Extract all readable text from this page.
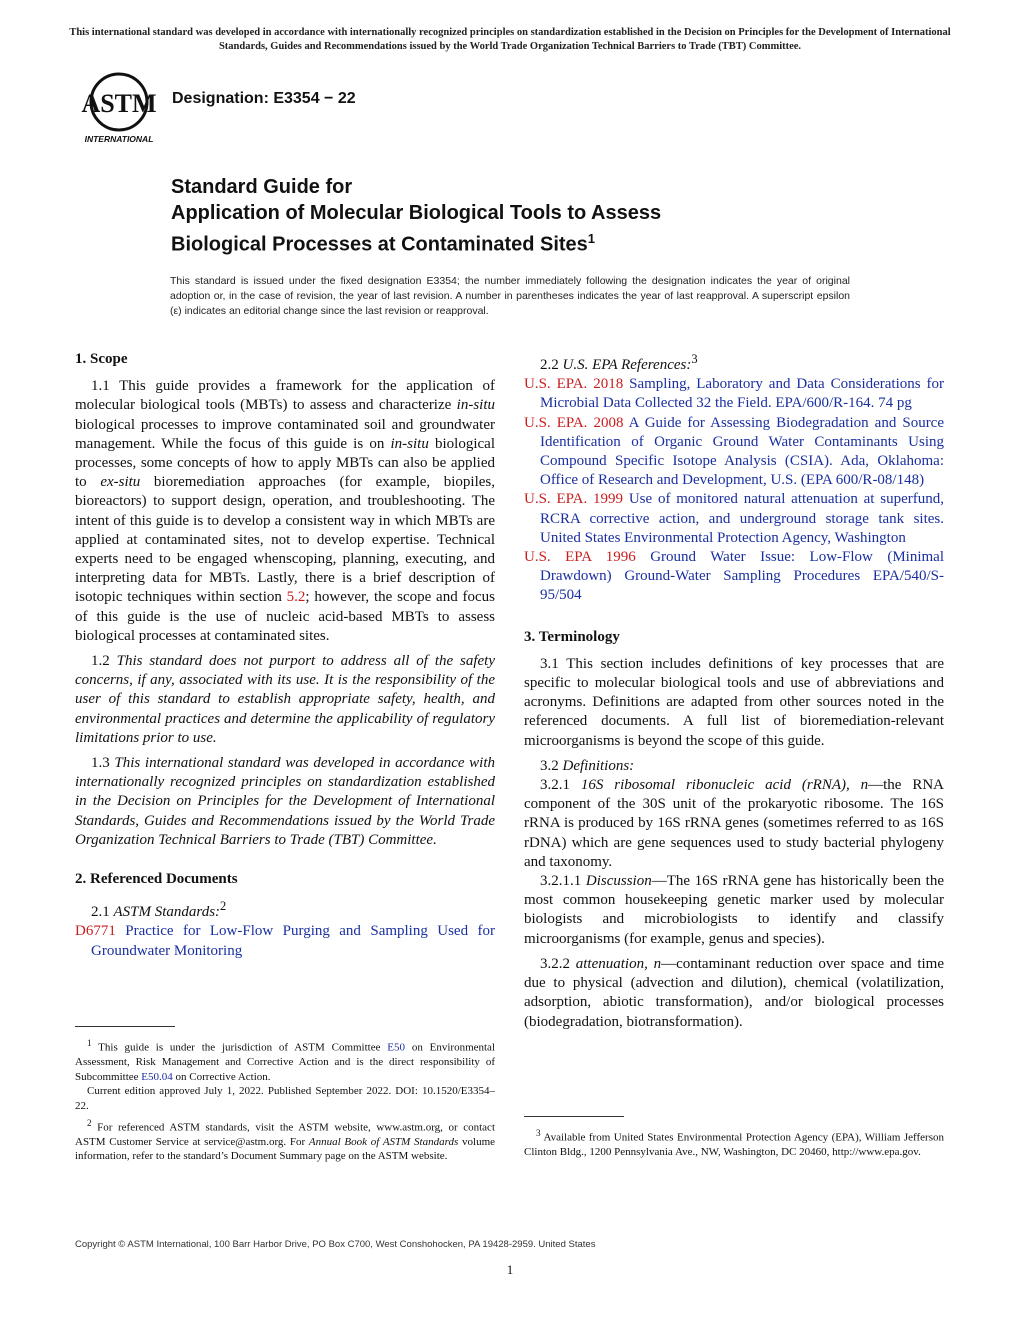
This international standard was developed in accordance with internationally recognized principles on standardization established in the Decision on Principles for the Development of International Standards, Guides and Recommendations issued by the World Trade Organization Technical Barriers to Trade (TBT) Committee.
ASTM
INTERNATIONAL
Designation: E3354 − 22
Standard Guide for
Application of Molecular Biological Tools to Assess
Biological Processes at Contaminated Sites$^1$
This standard is issued under the fixed designation E3354; the number immediately following the designation indicates the year of original adoption or, in the case of revision, the year of last revision. A number in parentheses indicates the year of last reapproval. A superscript epsilon (ε) indicates an editorial change since the last revision or reapproval.
1. Scope

1.1 This guide provides a framework for the application of molecular biological tools (MBTs) to assess and characterize in-situ biological processes to improve contaminated soil and groundwater management. While the focus of this guide is on in-situ biological processes, some concepts of how to apply MBTs can also be applied to ex-situ bioremediation approaches (for example, biopiles, bioreactors) to support design, operation, and troubleshooting. The intent of this guide is to develop a consistent way in which MBTs are applied at contaminated sites, not to develop expertise. Technical experts need to be engaged whenscoping, planning, executing, and interpreting data for MBTs. Lastly, there is a brief description of isotopic techniques within section 5.2; however, the scope and focus of this guide is the use of nucleic acid-based MBTs to assess biological processes at contaminated sites.

1.2 This standard does not purport to address all of the safety concerns, if any, associated with its use. It is the responsibility of the user of this standard to establish appropriate safety, health, and environmental practices and determine the applicability of regulatory limitations prior to use.

1.3 This international standard was developed in accordance with internationally recognized principles on standardization established in the Decision on Principles for the Development of International Standards, Guides and Recommendations issued by the World Trade Organization Technical Barriers to Trade (TBT) Committee.

2. Referenced Documents

2.1 ASTM Standards:$^2$

D6771 Practice for Low-Flow Purging and Sampling Used for Groundwater Monitoring

$^1$ This guide is under the jurisdiction of ASTM Committee E50 on Environmental Assessment, Risk Management and Corrective Action and is the direct responsibility of Subcommittee E50.04 on Corrective Action.
Current edition approved July 1, 2022. Published September 2022. DOI: 10.1520/E3354–22.
$^2$ For referenced ASTM standards, visit the ASTM website, www.astm.org, or contact ASTM Customer Service at service@astm.org. For Annual Book of ASTM Standards volume information, refer to the standard’s Document Summary page on the ASTM website.

2.2 U.S. EPA References:$^3$

U.S. EPA. 2018 Sampling, Laboratory and Data Considerations for Microbial Data Collected 32 the Field. EPA/600/R-164. 74 pg

U.S. EPA. 2008 A Guide for Assessing Biodegradation and Source Identification of Organic Ground Water Contaminants Using Compound Specific Isotope Analysis (CSIA). Ada, Oklahoma: Office of Research and Development, U.S. (EPA 600/R-08/148)

U.S. EPA. 1999 Use of monitored natural attenuation at superfund, RCRA corrective action, and underground storage tank sites. United States Environmental Protection Agency, Washington

U.S. EPA 1996 Ground Water Issue: Low-Flow (Minimal Drawdown) Ground-Water Sampling Procedures EPA/540/S-95/504

3. Terminology

3.1 This section includes definitions of key processes that are specific to molecular biological tools and use of abbreviations and acronyms. Definitions are adapted from other sources noted in the referenced documents. A full list of bioremediation-relevant microorganisms is beyond the scope of this guide.

3.2 Definitions:

3.2.1 16S ribosomal ribonucleic acid (rRNA), n—the RNA component of the 30S unit of the prokaryotic ribosome. The 16S rRNA is produced by 16S rRNA genes (sometimes referred to as 16S rDNA) which are gene sequences used to study bacterial phylogeny and taxonomy.

3.2.1.1 Discussion—The 16S rRNA gene has historically been the most common housekeeping genetic marker used by molecular biologists and microbiologists to identify and classify microorganisms (for example, genus and species).

3.2.2 attenuation, n—contaminant reduction over space and time due to physical (advection and dilution), chemical (volatilization, adsorption, abiotic transformation), and/or biological processes (biodegradation, biotransformation).

$^3$ Available from United States Environmental Protection Agency (EPA), William Jefferson Clinton Bldg., 1200 Pennsylvania Ave., NW, Washington, DC 20460, http://www.epa.gov.
Copyright © ASTM International, 100 Barr Harbor Drive, PO Box C700, West Conshohocken, PA 19428-2959. United States
1
